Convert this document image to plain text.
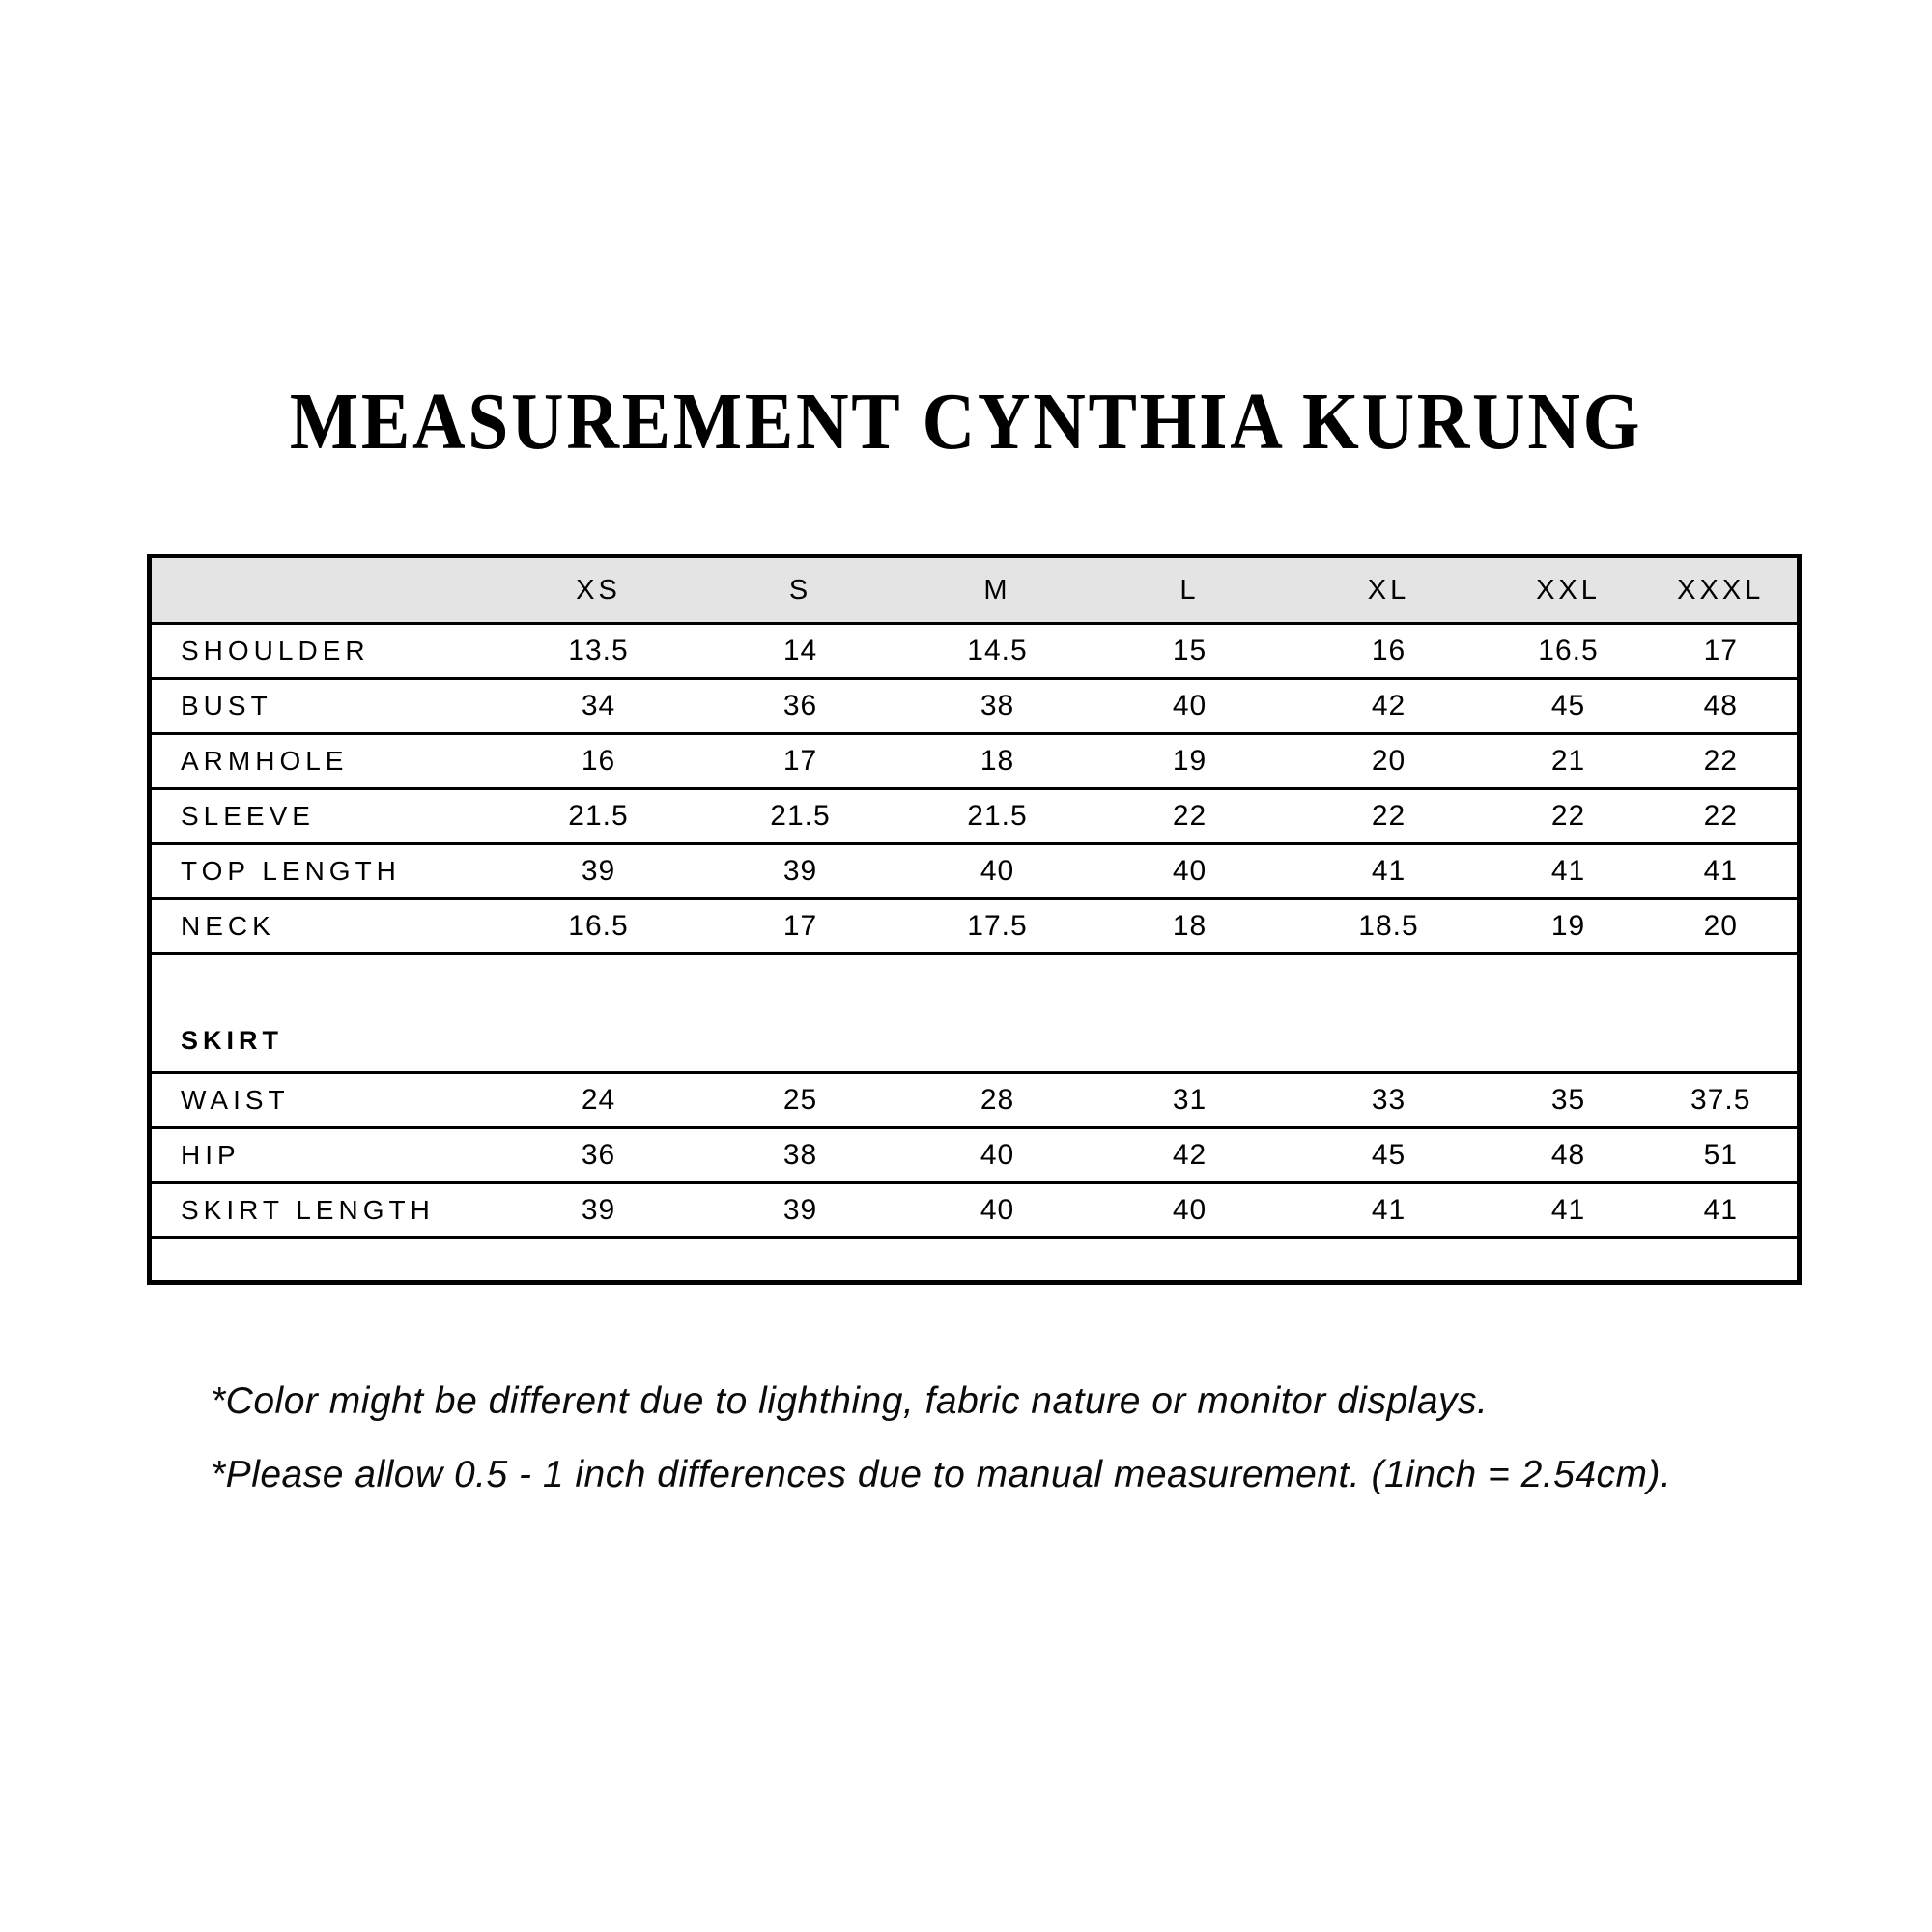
MEASUREMENT CYNTHIA KURUNG
	XS	S	M	L	XL	XXL	XXXL
SHOULDER	13.5	14	14.5	15	16	16.5	17
BUST	34	36	38	40	42	45	48
ARMHOLE	16	17	18	19	20	21	22
SLEEVE	21.5	21.5	21.5	22	22	22	22
TOP LENGTH	39	39	40	40	41	41	41
NECK	16.5	17	17.5	18	18.5	19	20
SKIRT							
WAIST	24	25	28	31	33	35	37.5
HIP	36	38	40	42	45	48	51
SKIRT LENGTH	39	39	40	40	41	41	41

*Color might be different due to lighthing, fabric nature or monitor displays.

*Please allow 0.5 - 1 inch differences due to manual measurement. (1inch = 2.54cm).
